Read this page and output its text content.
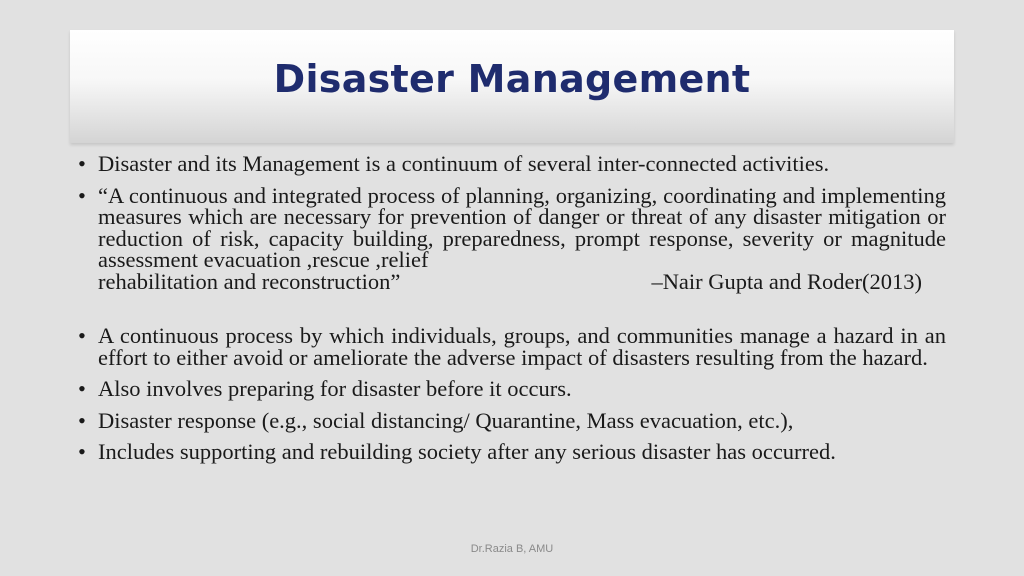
Disaster Management
• Disaster and its Management is a continuum of several inter-connected activities.
• “A continuous and integrated process of planning, organizing, coordinating and implementing measures which are necessary for prevention of danger or threat of any disaster mitigation or reduction of risk, capacity building, preparedness, prompt response, severity or magnitude assessment evacuation ,rescue ,relief
rehabilitation and reconstruction”	–Nair Gupta and Roder(2013)
• A continuous process by which individuals, groups, and communities manage a hazard in an effort to either avoid or ameliorate the adverse impact of disasters resulting from the hazard.
• Also involves preparing for disaster before it occurs.
• Disaster response (e.g., social distancing/ Quarantine, Mass evacuation, etc.),
• Includes supporting and rebuilding society after any serious disaster has occurred.
Dr.Razia B, AMU
